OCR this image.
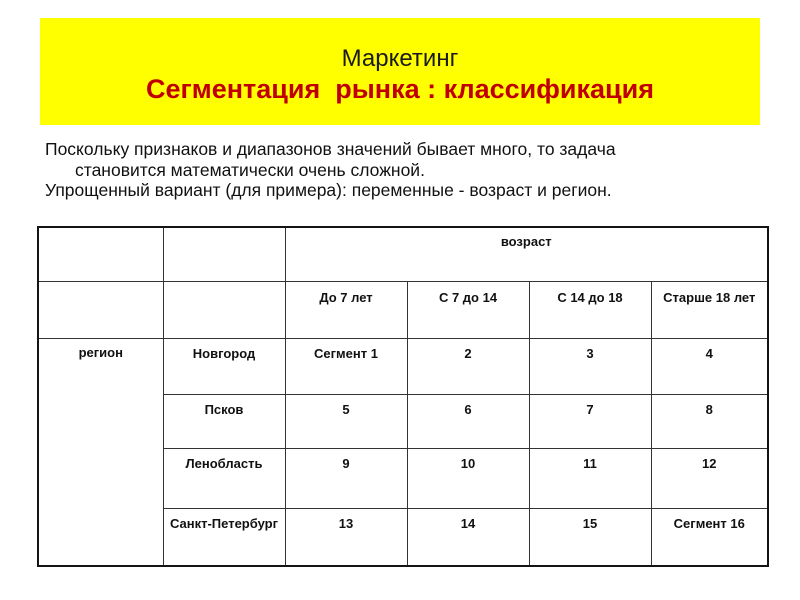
Маркетинг
Сегментация  рынка : классификация

Поскольку признаков и диапазонов значений бывает много, то задача
становится математически очень сложной.

Упрощенный вариант (для примера): переменные - возраст и регион.

		возраст			
		До 7 лет	С 7 до 14	С 14 до 18	Старше 18 лет
регион	Новгород	Сегмент 1	2	3	4
	Псков	5	6	7	8
	Ленобласть	9	10	11	12
	Санкт-Петербург	13	14	15	Сегмент 16
